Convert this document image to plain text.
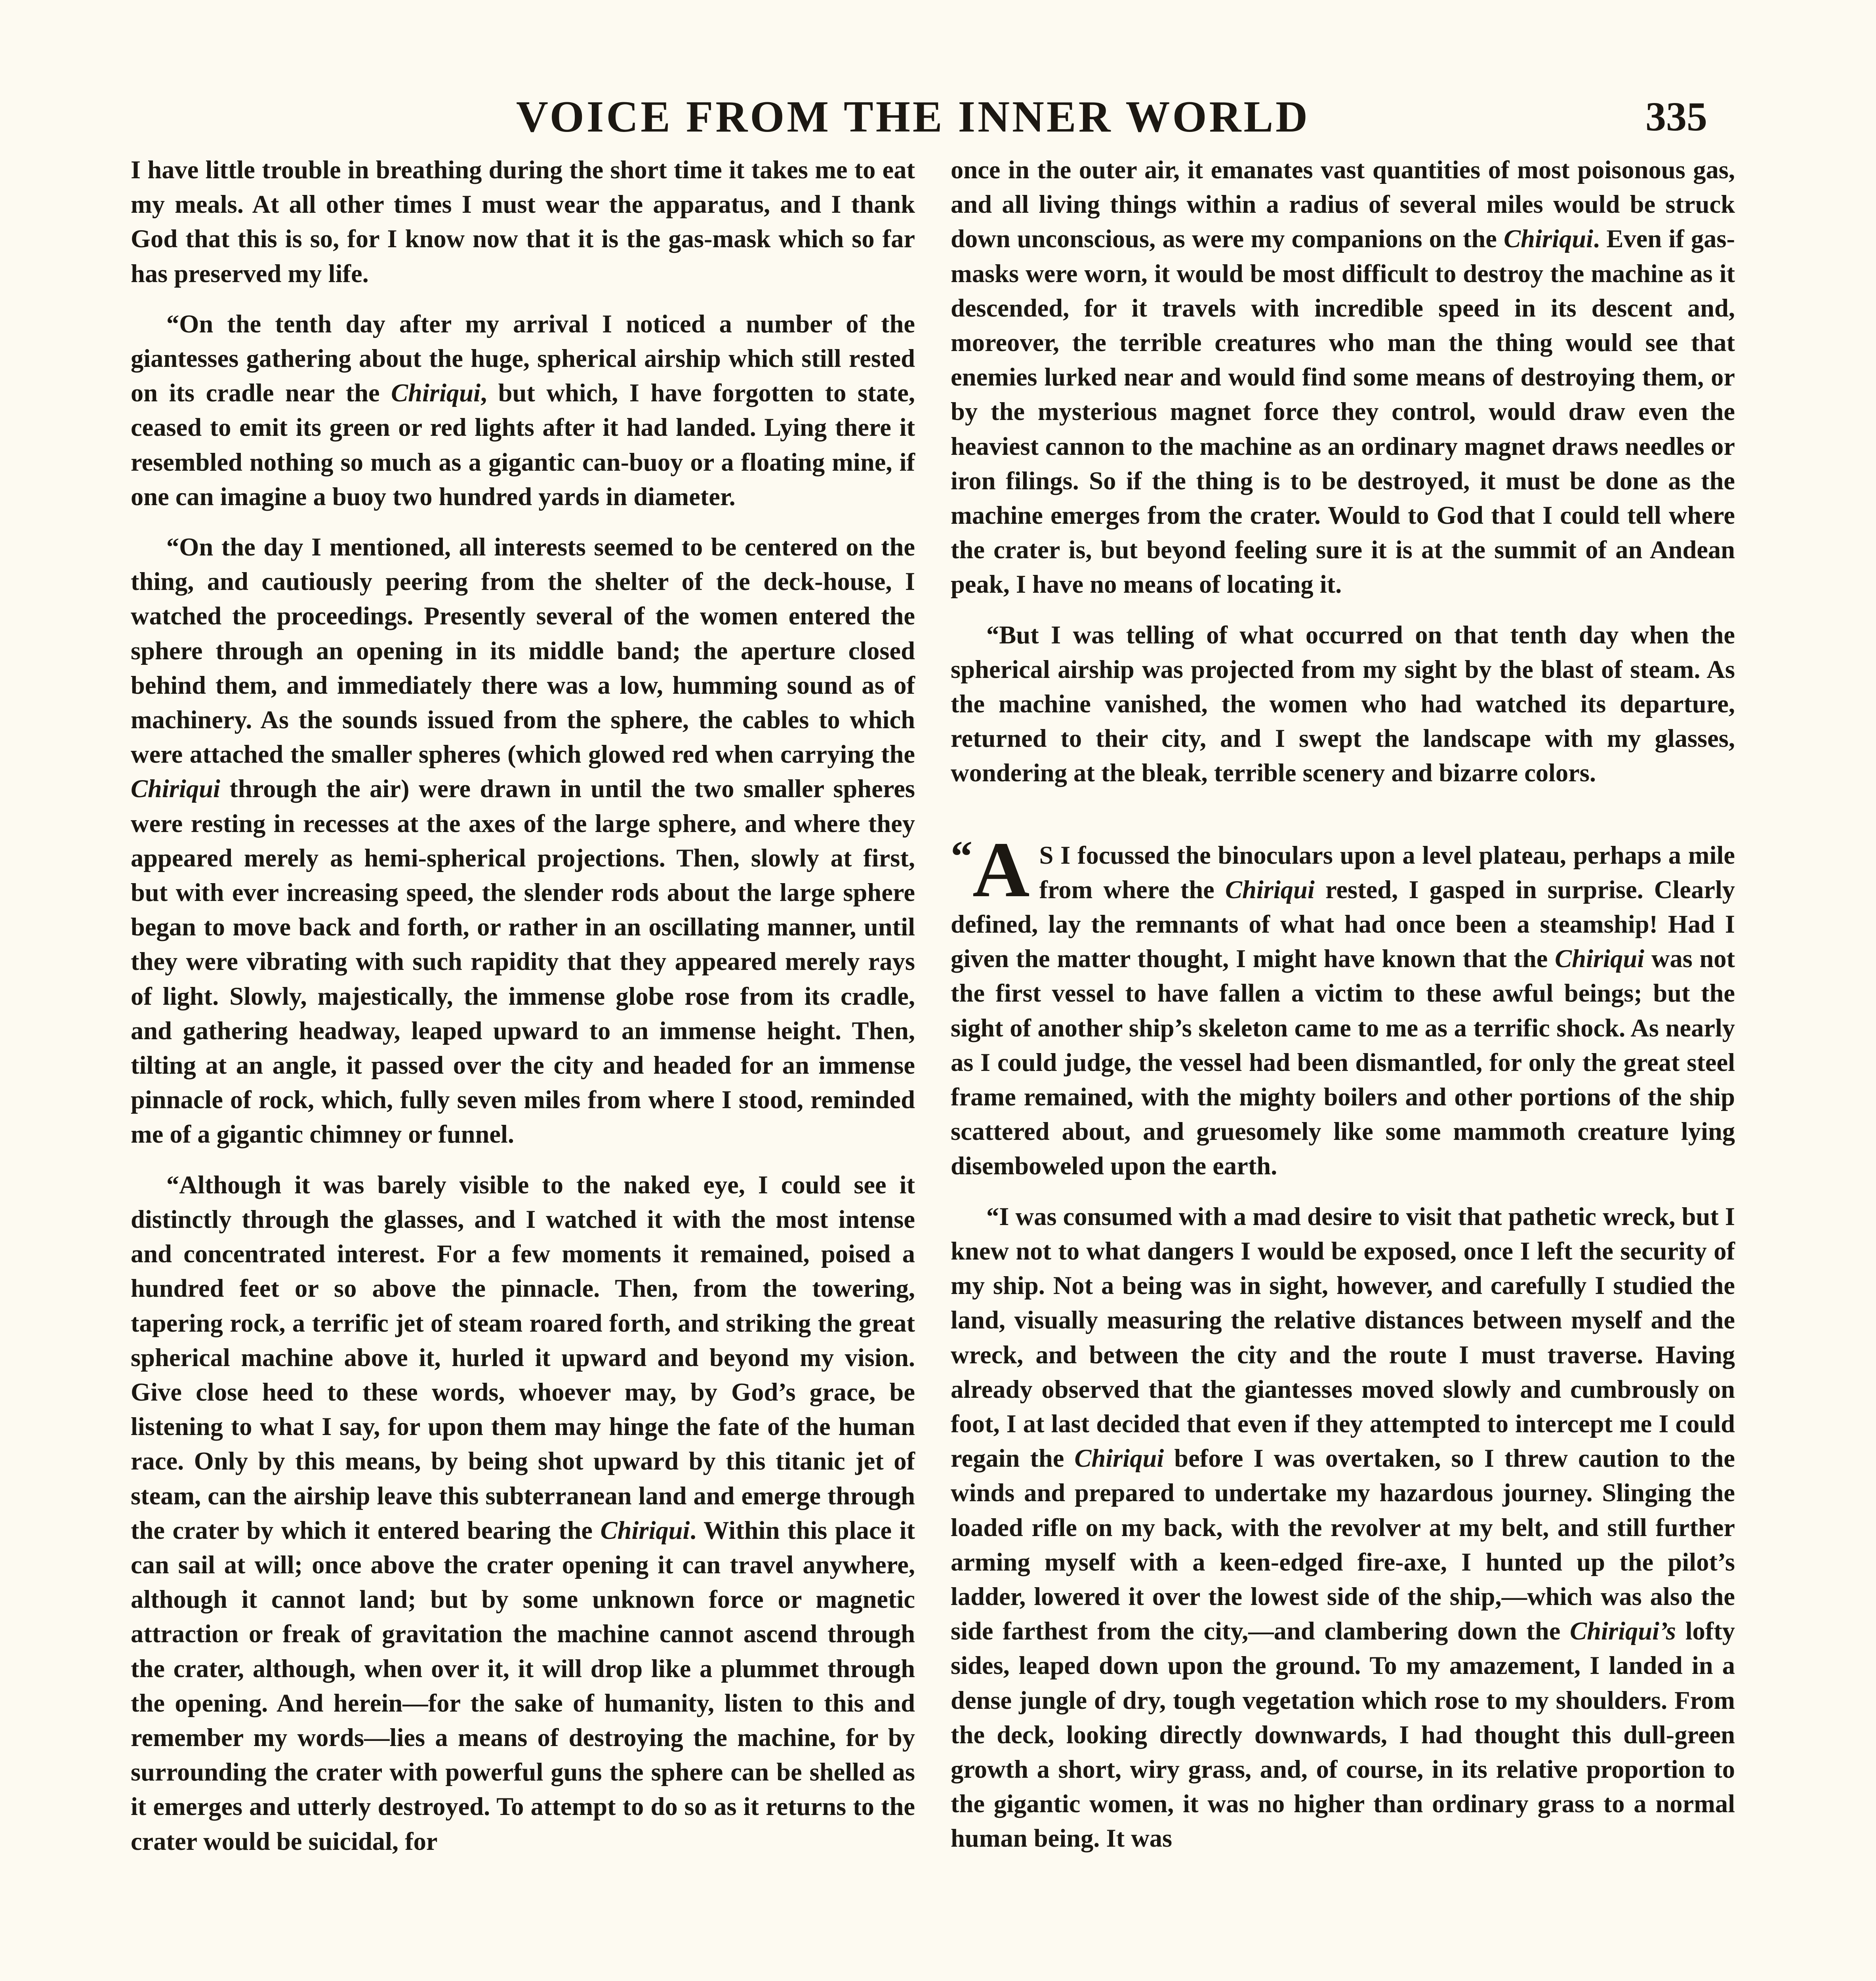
VOICE FROM THE INNER WORLD	335

I have little trouble in breathing during the short time it takes me to eat my meals. At all other times I must wear the apparatus, and I thank God that this is so, for I know now that it is the gas-mask which so far has preserved my life.

“On the tenth day after my arrival I noticed a number of the giantesses gathering about the huge, spherical airship which still rested on its cradle near the Chiriqui, but which, I have forgotten to state, ceased to emit its green or red lights after it had landed. Lying there it resembled nothing so much as a gigantic can-buoy or a floating mine, if one can imagine a buoy two hundred yards in diameter.

“On the day I mentioned, all interests seemed to be centered on the thing, and cautiously peering from the shelter of the deck-house, I watched the proceedings. Presently several of the women entered the sphere through an opening in its middle band; the aperture closed behind them, and immediately there was a low, humming sound as of machinery. As the sounds issued from the sphere, the cables to which were attached the smaller spheres (which glowed red when carrying the Chiriqui through the air) were drawn in until the two smaller spheres were resting in recesses at the axes of the large sphere, and where they appeared merely as hemi-spherical projections. Then, slowly at first, but with ever increasing speed, the slender rods about the large sphere began to move back and forth, or rather in an oscillating manner, until they were vibrating with such rapidity that they appeared merely rays of light. Slowly, majestically, the immense globe rose from its cradle, and gathering headway, leaped upward to an immense height. Then, tilting at an angle, it passed over the city and headed for an immense pinnacle of rock, which, fully seven miles from where I stood, reminded me of a gigantic chimney or funnel.

“Although it was barely visible to the naked eye, I could see it distinctly through the glasses, and I watched it with the most intense and concentrated interest. For a few moments it remained, poised a hundred feet or so above the pinnacle. Then, from the towering, tapering rock, a terrific jet of steam roared forth, and striking the great spherical machine above it, hurled it upward and beyond my vision. Give close heed to these words, whoever may, by God’s grace, be listening to what I say, for upon them may hinge the fate of the human race. Only by this means, by being shot upward by this titanic jet of steam, can the airship leave this subterranean land and emerge through the crater by which it entered bearing the Chiriqui. Within this place it can sail at will; once above the crater opening it can travel anywhere, although it cannot land; but by some unknown force or magnetic attraction or freak of gravitation the machine cannot ascend through the crater, although, when over it, it will drop like a plummet through the opening. And herein—for the sake of humanity, listen to this and remember my words—lies a means of destroying the machine, for by surrounding the crater with powerful guns the sphere can be shelled as it emerges and utterly destroyed. To attempt to do so as it returns to the crater would be suicidal, for

once in the outer air, it emanates vast quantities of most poisonous gas, and all living things within a radius of several miles would be struck down unconscious, as were my companions on the Chiriqui. Even if gas-masks were worn, it would be most difficult to destroy the machine as it descended, for it travels with incredible speed in its descent and, moreover, the terrible creatures who man the thing would see that enemies lurked near and would find some means of destroying them, or by the mysterious magnet force they control, would draw even the heaviest cannon to the machine as an ordinary magnet draws needles or iron filings. So if the thing is to be destroyed, it must be done as the machine emerges from the crater. Would to God that I could tell where the crater is, but beyond feeling sure it is at the summit of an Andean peak, I have no means of locating it.

“But I was telling of what occurred on that tenth day when the spherical airship was projected from my sight by the blast of steam. As the machine vanished, the women who had watched its departure, returned to their city, and I swept the landscape with my glasses, wondering at the bleak, terrible scenery and bizarre colors.

“A S I focussed the binoculars upon a level plateau, perhaps a mile from where the Chiriqui rested, I gasped in surprise. Clearly defined, lay the remnants of what had once been a steamship! Had I given the matter thought, I might have known that the Chiriqui was not the first vessel to have fallen a victim to these awful beings; but the sight of another ship’s skeleton came to me as a terrific shock. As nearly as I could judge, the vessel had been dismantled, for only the great steel frame remained, with the mighty boilers and other portions of the ship scattered about, and gruesomely like some mammoth creature lying disemboweled upon the earth.

“I was consumed with a mad desire to visit that pathetic wreck, but I knew not to what dangers I would be exposed, once I left the security of my ship. Not a being was in sight, however, and carefully I studied the land, visually measuring the relative distances between myself and the wreck, and between the city and the route I must traverse. Having already observed that the giantesses moved slowly and cumbrously on foot, I at last decided that even if they attempted to intercept me I could regain the Chiriqui before I was overtaken, so I threw caution to the winds and prepared to undertake my hazardous journey. Slinging the loaded rifle on my back, with the revolver at my belt, and still further arming myself with a keen-edged fire-axe, I hunted up the pilot’s ladder, lowered it over the lowest side of the ship,—which was also the side farthest from the city,—and clambering down the Chiriqui’s lofty sides, leaped down upon the ground. To my amazement, I landed in a dense jungle of dry, tough vegetation which rose to my shoulders. From the deck, looking directly downwards, I had thought this dull-green growth a short, wiry grass, and, of course, in its relative proportion to the gigantic women, it was no higher than ordinary grass to a normal human being. It was
